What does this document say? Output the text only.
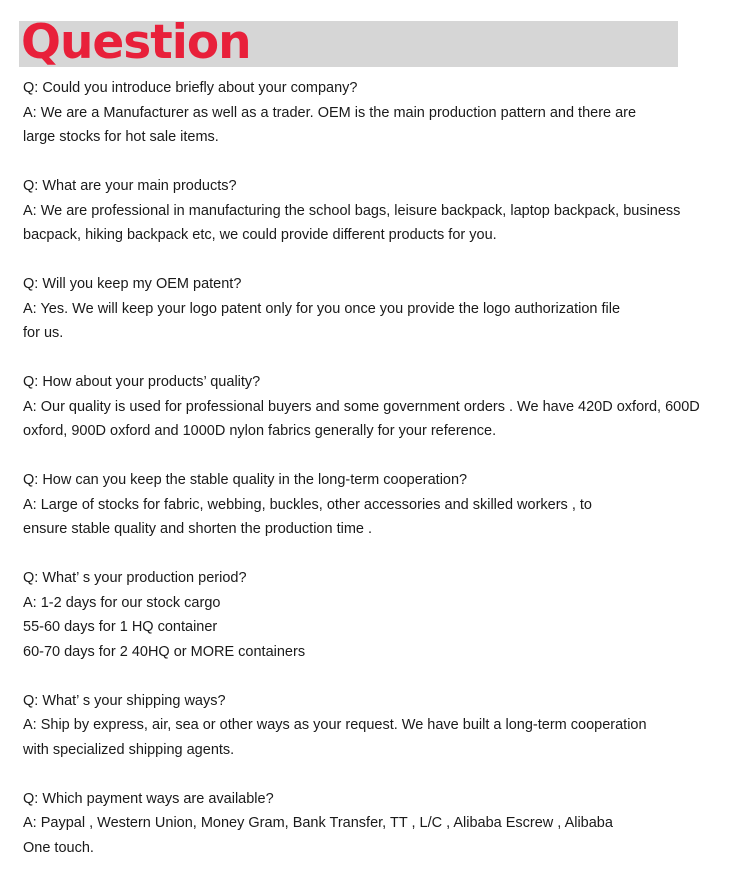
Question
Q: Could you introduce briefly about your company?
A: We are a Manufacturer as well as a trader. OEM is the main production pattern and there are
large stocks for hot sale items.
Q: What are your main products?
A: We are professional in manufacturing the school bags, leisure backpack, laptop backpack, business
bacpack, hiking backpack etc, we could provide different products for you.
Q: Will you keep my OEM patent?
A: Yes. We will keep your logo patent only for you once you provide the logo authorization file
for us.
Q: How about your products’ quality?
A: Our quality is used for professional buyers and some government orders . We have 420D oxford, 600D
oxford, 900D oxford and 1000D nylon fabrics generally for your reference.
Q: How can you keep the stable quality in the long-term cooperation?
A: Large of stocks for fabric, webbing, buckles, other accessories and skilled workers , to
ensure stable quality and shorten the production time .
Q: What’ s your production period?
A: 1-2 days for our stock cargo
55-60 days for 1 HQ container
60-70 days for 2 40HQ or MORE containers
Q: What’ s your shipping ways?
A: Ship by express, air, sea or other ways as your request. We have built a long-term cooperation
with specialized shipping agents.
Q: Which payment ways are available?
A: Paypal , Western Union, Money Gram, Bank Transfer, TT , L/C , Alibaba Escrew , Alibaba
One touch.
